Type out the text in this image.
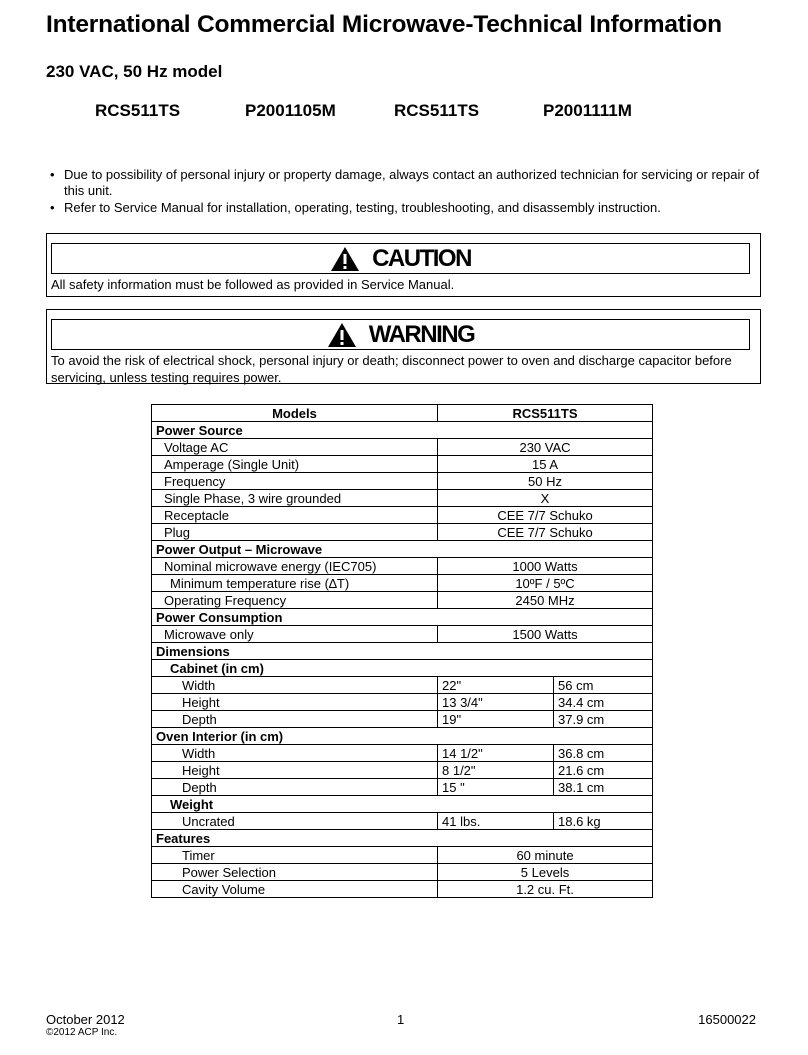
International Commercial Microwave-Technical Information
230 VAC, 50 Hz model
RCS511TS	P2001105M	RCS511TS	P2001111M
• Due to possibility of personal injury or property damage, always contact an authorized technician for servicing or repair of this unit.
• Refer to Service Manual for installation, operating, testing, troubleshooting, and disassembly instruction.
CAUTION
All safety information must be followed as provided in Service Manual.
WARNING
To avoid the risk of electrical shock, personal injury or death; disconnect power to oven and discharge capacitor before servicing, unless testing requires power.
Models	RCS511TS	
Power Source		
Voltage AC	230 VAC	
Amperage (Single Unit)	15 A	
Frequency	50 Hz	
Single Phase, 3 wire grounded	X	
Receptacle	CEE 7/7 Schuko	
Plug	CEE 7/7 Schuko	
Power Output – Microwave		
Nominal microwave energy (IEC705)	1000 Watts	
Minimum temperature rise (∆T)	10ºF / 5ºC	
Operating Frequency	2450 MHz	
Power Consumption		
Microwave only	1500 Watts	
Dimensions		
Cabinet (in cm)		
Width	22"	56 cm
Height	13 3/4"	34.4 cm
Depth	19"	37.9 cm
Oven Interior (in cm)		
Width	14 1/2"	36.8 cm
Height	8 1/2"	21.6 cm
Depth	15 "	38.1 cm
Weight		
Uncrated	41 lbs.	18.6 kg
Features		
Timer	60 minute	
Power Selection	5 Levels	
Cavity Volume	1.2 cu. Ft.	
October 2012	1	16500022
©2012 ACP Inc.
